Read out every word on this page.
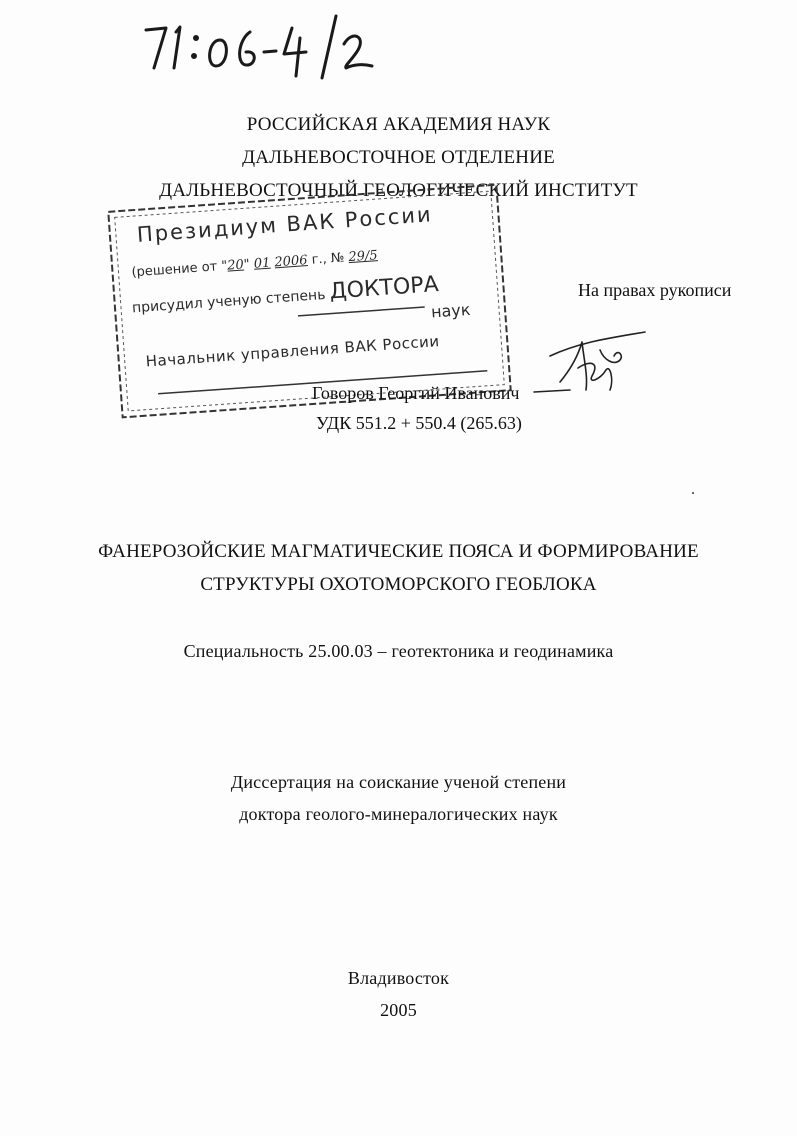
РОССИЙСКАЯ АКАДЕМИЯ НАУК
ДАЛЬНЕВОСТОЧНОЕ ОТДЕЛЕНИЕ
ДАЛЬНЕВОСТОЧНЫЙ ГЕОЛОГИЧЕСКИЙ ИНСТИТУТ
Президиум ВАК России
(решение от "20" 01 2006 г., № 29/5
присудил ученую степень ДОКТОРА
наук
Начальник управления ВАК России
На правах рукописи
Говоров Георгий Иванович
УДК 551.2 + 550.4 (265.63)
ФАНЕРОЗОЙСКИЕ МАГМАТИЧЕСКИЕ ПОЯСА И ФОРМИРОВАНИЕ
СТРУКТУРЫ ОХОТОМОРСКОГО ГЕОБЛОКА
Специальность 25.00.03 – геотектоника и геодинамика
Диссертация на соискание ученой степени
доктора геолого-минералогических наук
Владивосток
2005
